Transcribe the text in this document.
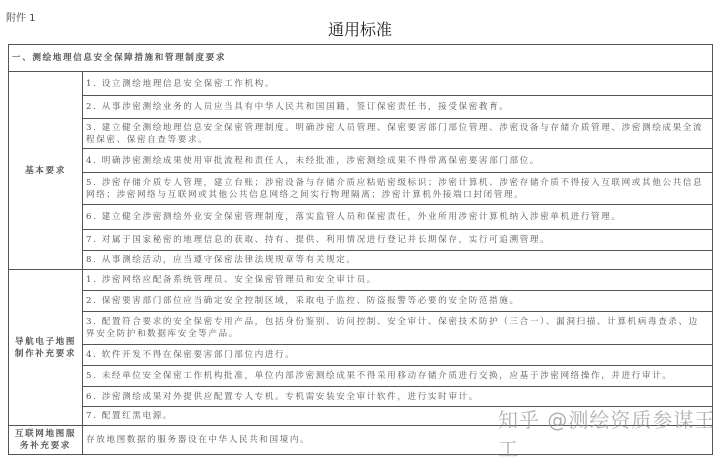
附件 1
通用标准
一、测绘地理信息安全保障措施和管理制度要求	
基本要求	1. 设立测绘地理信息安全保密工作机构。
	2. 从事涉密测绘业务的人员应当具有中华人民共和国国籍，签订保密责任书，接受保密教育。
	3. 建立健全测绘地理信息安全保密管理制度。明确涉密人员管理、保密要害部门部位管理、涉密设备与存储介质管理、涉密测绘成果全流程保密、保密自查等要求。
	4. 明确涉密测绘成果使用审批流程和责任人，未经批准，涉密测绘成果不得带离保密要害部门部位。
	5. 涉密存储介质专人管理，建立台账；涉密设备与存储介质应粘贴密级标识；涉密计算机、涉密存储介质不得接入互联网或其他公共信息网络；涉密网络与互联网或其他公共信息网络之间实行物理隔离；涉密计算机外接端口封闭管理。
	6. 建立健全涉密测绘外业安全保密管理制度，落实监管人员和保密责任，外业所用涉密计算机纳入涉密单机进行管理。
	7. 对属于国家秘密的地理信息的获取、持有、提供、利用情况进行登记并长期保存，实行可追溯管理。
	8. 从事测绘活动，应当遵守保密法律法规规章等有关规定。
导航电子地图制作补充要求	1. 涉密网络应配备系统管理员、安全保密管理员和安全审计员。
	2. 保密要害部门部位应当确定安全控制区域，采取电子监控、防盗报警等必要的安全防范措施。
	3. 配置符合要求的安全保密专用产品，包括身份鉴别、访问控制、安全审计、保密技术防护（三合一）、漏洞扫描、计算机病毒查杀、边界安全防护和数据库安全等产品。
	4. 软件开发不得在保密要害部门部位内进行。
	5. 未经单位安全保密工作机构批准，单位内部涉密测绘成果不得采用移动存储介质进行交换，应基于涉密网络操作，并进行审计。
	6. 涉密测绘成果对外提供应配置专人专机。专机需安装安全审计软件，进行实时审计。
	7. 配置红黑电源。
互联网地图服务补充要求	存放地图数据的服务器设在中华人民共和国境内。
知乎 @测绘资质参谋王工
